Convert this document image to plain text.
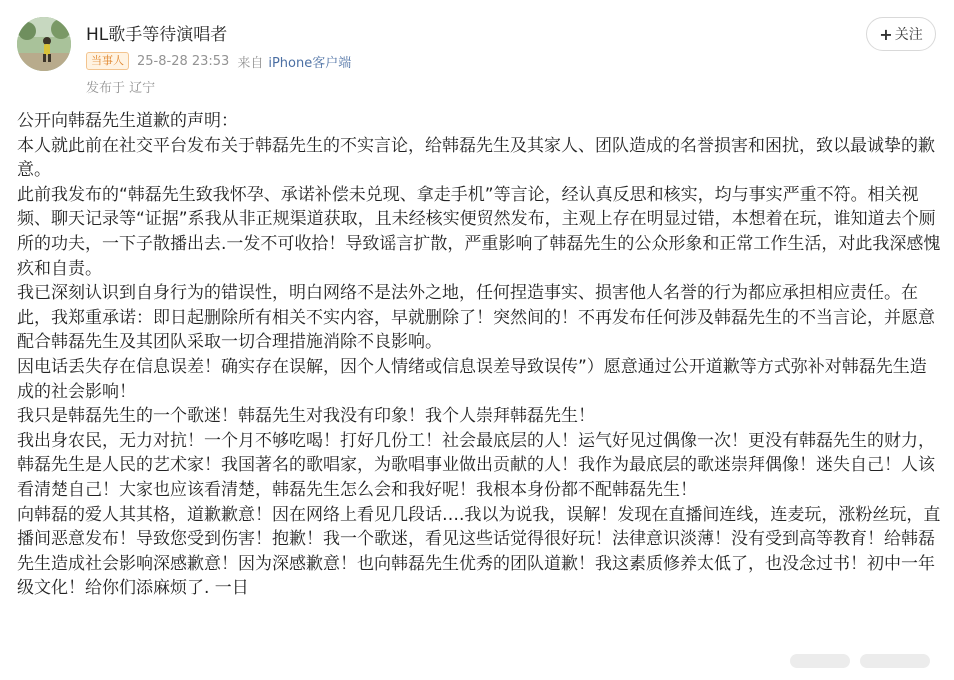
HL歌手等待演唱者
当事人	25-8-28 23:53 来自 iPhone客户端
发布于 辽宁
+ 关注

公开向韩磊先生道歉的声明：

本人就此前在社交平台发布关于韩磊先生的不实言论，给韩磊先生及其家人、团队造成的名誉损害和困扰，致以最诚挚的歉意。

此前我发布的“韩磊先生致我怀孕、承诺补偿未兑现、拿走手机”等言论，经认真反思和核实，均与事实严重不符。相关视频、聊天记录等“证据”系我从非正规渠道获取，且未经核实便贸然发布，主观上存在明显过错，本想着在玩，谁知道去个厕所的功夫，一下子散播出去.一发不可收拾！导致谣言扩散，严重影响了韩磊先生的公众形象和正常工作生活，对此我深感愧疚和自责。

我已深刻认识到自身行为的错误性，明白网络不是法外之地，任何捏造事实、损害他人名誉的行为都应承担相应责任。在此，我郑重承诺：即日起删除所有相关不实内容，早就删除了！突然间的！不再发布任何涉及韩磊先生的不当言论，并愿意配合韩磊先生及其团队采取一切合理措施消除不良影响。

因电话丢失存在信息误差！确实存在误解，因个人情绪或信息误差导致误传”）愿意通过公开道歉等方式弥补对韩磊先生造成的社会影响！

我只是韩磊先生的一个歌迷！韩磊先生对我没有印象！我个人崇拜韩磊先生！

我出身农民，无力对抗！一个月不够吃喝！打好几份工！社会最底层的人！运气好见过偶像一次！更没有韩磊先生的财力，韩磊先生是人民的艺术家！我国著名的歌唱家，为歌唱事业做出贡献的人！我作为最底层的歌迷崇拜偶像！迷失自己！人该看清楚自己！大家也应该看清楚，韩磊先生怎么会和我好呢！我根本身份都不配韩磊先生！

向韩磊的爱人其其格，道歉歉意！因在网络上看见几段话….我以为说我，误解！发现在直播间连线，连麦玩，涨粉丝玩，直播间恶意发布！导致您受到伤害！抱歉！我一个歌迷，看见这些话觉得很好玩！法律意识淡薄！没有受到高等教育！给韩磊先生造成社会影响深感歉意！因为深感歉意！也向韩磊先生优秀的团队道歉！我这素质修养太低了，也没念过书！初中一年级文化！给你们添麻烦了. 一日
